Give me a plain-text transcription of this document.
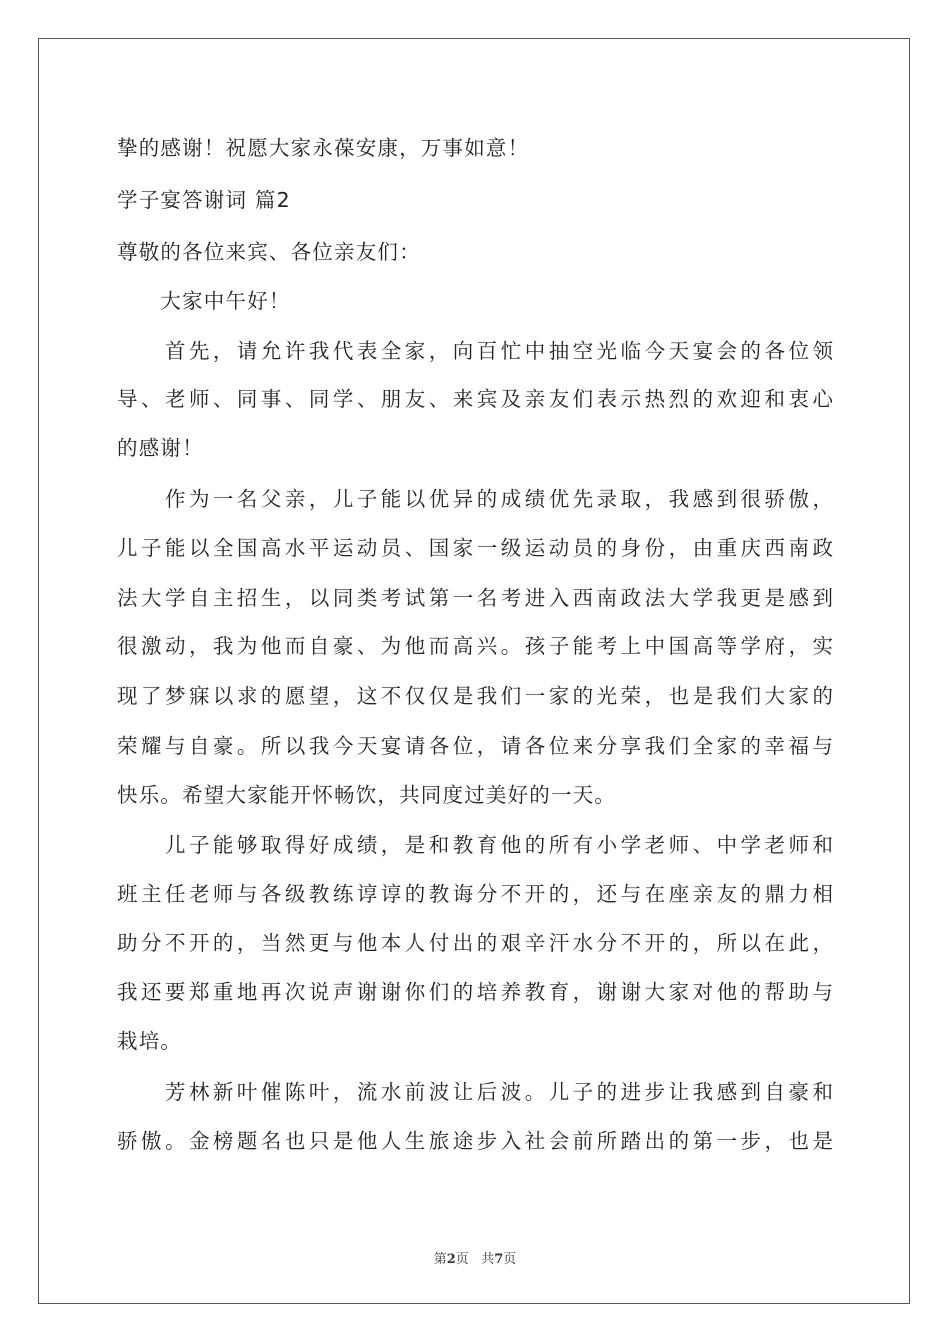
挚的感谢！祝愿大家永葆安康，万事如意！
学子宴答谢词 篇2
尊敬的各位来宾、各位亲友们：
　　大家中午好！
　　首先，请允许我代表全家，向百忙中抽空光临今天宴会的各位领
导、老师、同事、同学、朋友、来宾及亲友们表示热烈的欢迎和衷心
的感谢！
　　作为一名父亲，儿子能以优异的成绩优先录取，我感到很骄傲，
儿子能以全国高水平运动员、国家一级运动员的身份，由重庆西南政
法大学自主招生，以同类考试第一名考进入西南政法大学我更是感到
很激动，我为他而自豪、为他而高兴。孩子能考上中国高等学府，实
现了梦寐以求的愿望，这不仅仅是我们一家的光荣，也是我们大家的
荣耀与自豪。所以我今天宴请各位，请各位来分享我们全家的幸福与
快乐。希望大家能开怀畅饮，共同度过美好的一天。
　　儿子能够取得好成绩，是和教育他的所有小学老师、中学老师和
班主任老师与各级教练谆谆的教诲分不开的，还与在座亲友的鼎力相
助分不开的，当然更与他本人付出的艰辛汗水分不开的，所以在此，
我还要郑重地再次说声谢谢你们的培养教育，谢谢大家对他的帮助与
栽培。
　　芳林新叶催陈叶，流水前波让后波。儿子的进步让我感到自豪和
骄傲。金榜题名也只是他人生旅途步入社会前所踏出的第一步，也是
第2页 共7页
